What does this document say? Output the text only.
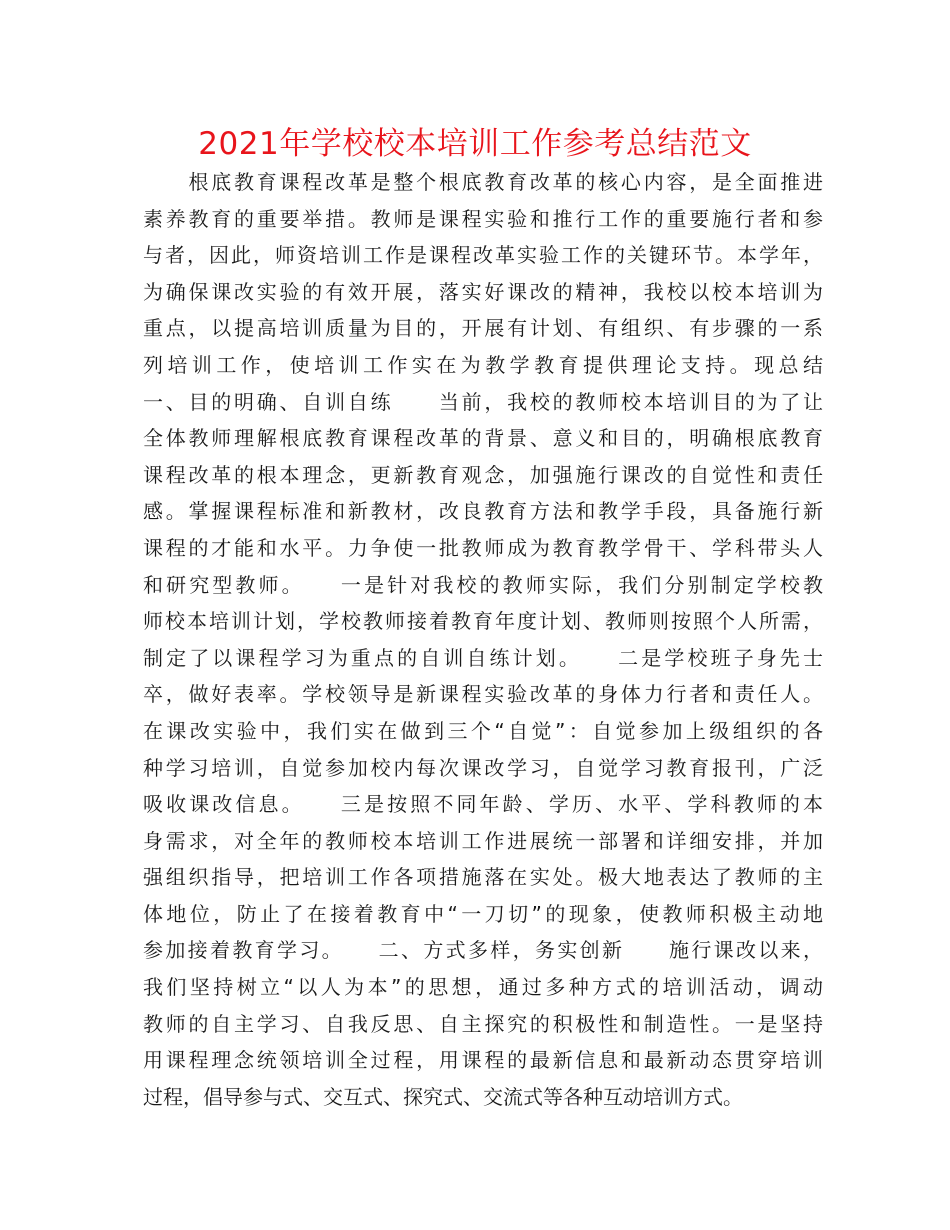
2021年学校校本培训工作参考总结范文
　　根底教育课程改革是整个根底教育改革的核心内容，是全面推进
素养教育的重要举措。教师是课程实验和推行工作的重要施行者和参
与者，因此，师资培训工作是课程改革实验工作的关键环节。本学年，
为确保课改实验的有效开展，落实好课改的精神，我校以校本培训为
重点，以提高培训质量为目的，开展有计划、有组织、有步骤的一系
列培训工作，使培训工作实在为教学教育提供理论支持。现总结
一、目的明确、自训自练　　当前，我校的教师校本培训目的为了让
全体教师理解根底教育课程改革的背景、意义和目的，明确根底教育
课程改革的根本理念，更新教育观念，加强施行课改的自觉性和责任
感。掌握课程标准和新教材，改良教育方法和教学手段，具备施行新
课程的才能和水平。力争使一批教师成为教育教学骨干、学科带头人
和研究型教师。　　一是针对我校的教师实际，我们分别制定学校教
师校本培训计划，学校教师接着教育年度计划、教师则按照个人所需，
制定了以课程学习为重点的自训自练计划。　　二是学校班子身先士
卒，做好表率。学校领导是新课程实验改革的身体力行者和责任人。
在课改实验中，我们实在做到三个“自觉”：自觉参加上级组织的各
种学习培训，自觉参加校内每次课改学习，自觉学习教育报刊，广泛
吸收课改信息。　　三是按照不同年龄、学历、水平、学科教师的本
身需求，对全年的教师校本培训工作进展统一部署和详细安排，并加
强组织指导，把培训工作各项措施落在实处。极大地表达了教师的主
体地位，防止了在接着教育中“一刀切”的现象，使教师积极主动地
参加接着教育学习。　　二、方式多样，务实创新　　施行课改以来，
我们坚持树立“以人为本”的思想，通过多种方式的培训活动，调动
教师的自主学习、自我反思、自主探究的积极性和制造性。一是坚持
用课程理念统领培训全过程，用课程的最新信息和最新动态贯穿培训
过程，倡导参与式、交互式、探究式、交流式等各种互动培训方式。
